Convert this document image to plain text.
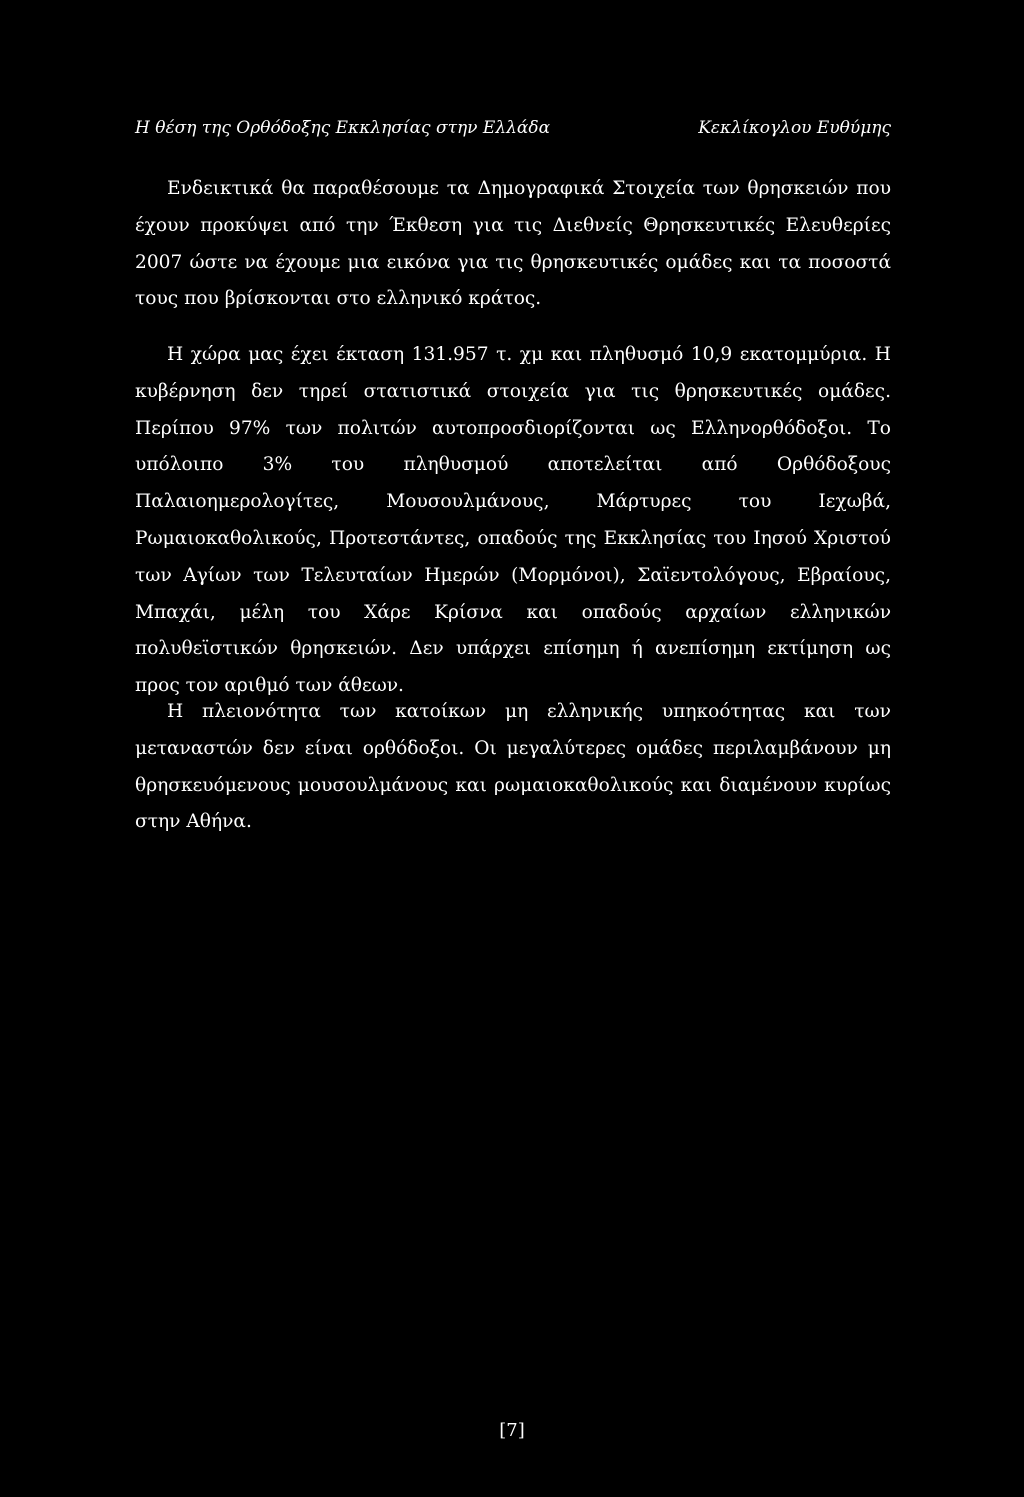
Η θέση της Ορθόδοξης Εκκλησίας στην Ελλάδα	Κεκλίκογλου Ευθύμης

Ενδεικτικά θα παραθέσουμε τα Δημογραφικά Στοιχεία των θρησκειών που έχουν προκύψει από την Έκθεση για τις Διεθνείς Θρησκευτικές Ελευθερίες 2007 ώστε να έχουμε μια εικόνα για τις θρησκευτικές ομάδες και τα ποσοστά τους που βρίσκονται στο ελληνικό κράτος.

Η χώρα μας έχει έκταση 131.957 τ. χμ και πληθυσμό 10,9 εκατομμύρια. Η κυβέρνηση δεν τηρεί στατιστικά στοιχεία για τις θρησκευτικές ομάδες. Περίπου 97% των πολιτών αυτοπροσδιορίζονται ως Ελληνορθόδοξοι. Το υπόλοιπο 3% του πληθυσμού αποτελείται από Ορθόδοξους Παλαιοημερολογίτες, Μουσουλμάνους, Μάρτυρες του Ιεχωβά, Ρωμαιοκαθολικούς, Προτεστάντες, οπαδούς της Εκκλησίας του Ιησού Χριστού των Αγίων των Τελευταίων Ημερών (Μορμόνοι), Σαϊεντολόγους, Εβραίους, Μπαχάι, μέλη του Χάρε Κρίσνα και οπαδούς αρχαίων ελληνικών πολυθεϊστικών θρησκειών. Δεν υπάρχει επίσημη ή ανεπίσημη εκτίμηση ως προς τον αριθμό των άθεων.

Η πλειονότητα των κατοίκων μη ελληνικής υπηκοότητας και των μεταναστών δεν είναι ορθόδοξοι. Οι μεγαλύτερες ομάδες περιλαμβάνουν μη θρησκευόμενους μουσουλμάνους και ρωμαιοκαθολικούς και διαμένουν κυρίως στην Αθήνα.

[7]
